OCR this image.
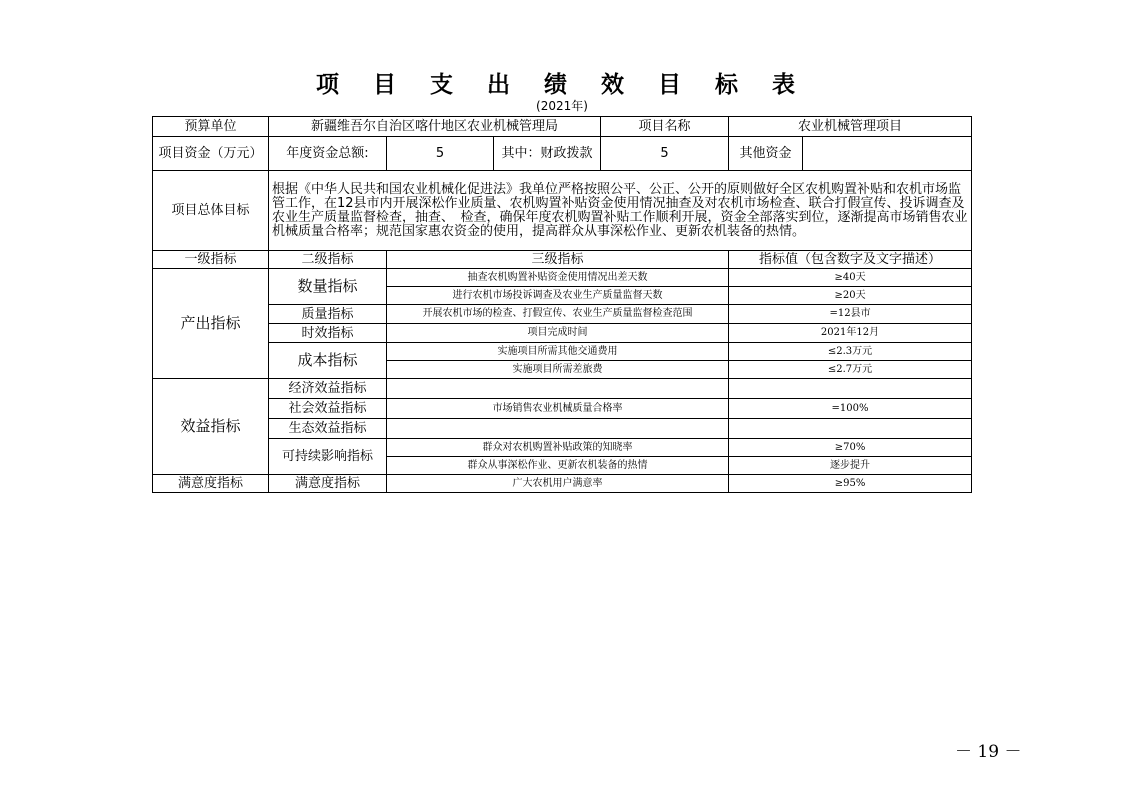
项 目 支 出 绩 效 目 标 表
(2021年)
预算单位	新疆维吾尔自治区喀什地区农业机械管理局			项目名称	农业机械管理项目	
项目资金（万元）	年度资金总额:	5	其中：财政拨款	5	其他资金	
项目总体目标	根据《中华人民共和国农业机械化促进法》我单位严格按照公平、公正、公开的原则做好全区农机购置补贴和农机市场监管工作，在12县市内开展深松作业质量、农机购置补贴资金使用情况抽查及对农机市场检查、联合打假宣传、投诉调查及农业生产质量监督检查，抽查、　检查，确保年度农机购置补贴工作顺利开展，资金全部落实到位，逐渐提高市场销售农业机械质量合格率；规范国家惠农资金的使用，提高群众从事深松作业、更新农机装备的热情。					
一级指标	二级指标	三级指标			指标值（包含数字及文字描述）	
产出指标	数量指标	抽查农机购置补贴资金使用情况出差天数			≥40天	
		进行农机市场投诉调查及农业生产质量监督天数			≥20天	
	质量指标	开展农机市场的检查、打假宣传、农业生产质量监督检查范围			=12县市	
	时效指标	项目完成时间			2021年12月	
	成本指标	实施项目所需其他交通费用			≤2.3万元	
		实施项目所需差旅费			≤2.7万元	
效益指标	经济效益指标					
	社会效益指标	市场销售农业机械质量合格率			=100%	
	生态效益指标					
	可持续影响指标	群众对农机购置补贴政策的知晓率			≥70%	
		群众从事深松作业、更新农机装备的热情			逐步提升	
满意度指标	满意度指标	广大农机用户满意率			≥95%	
－ 19 －
